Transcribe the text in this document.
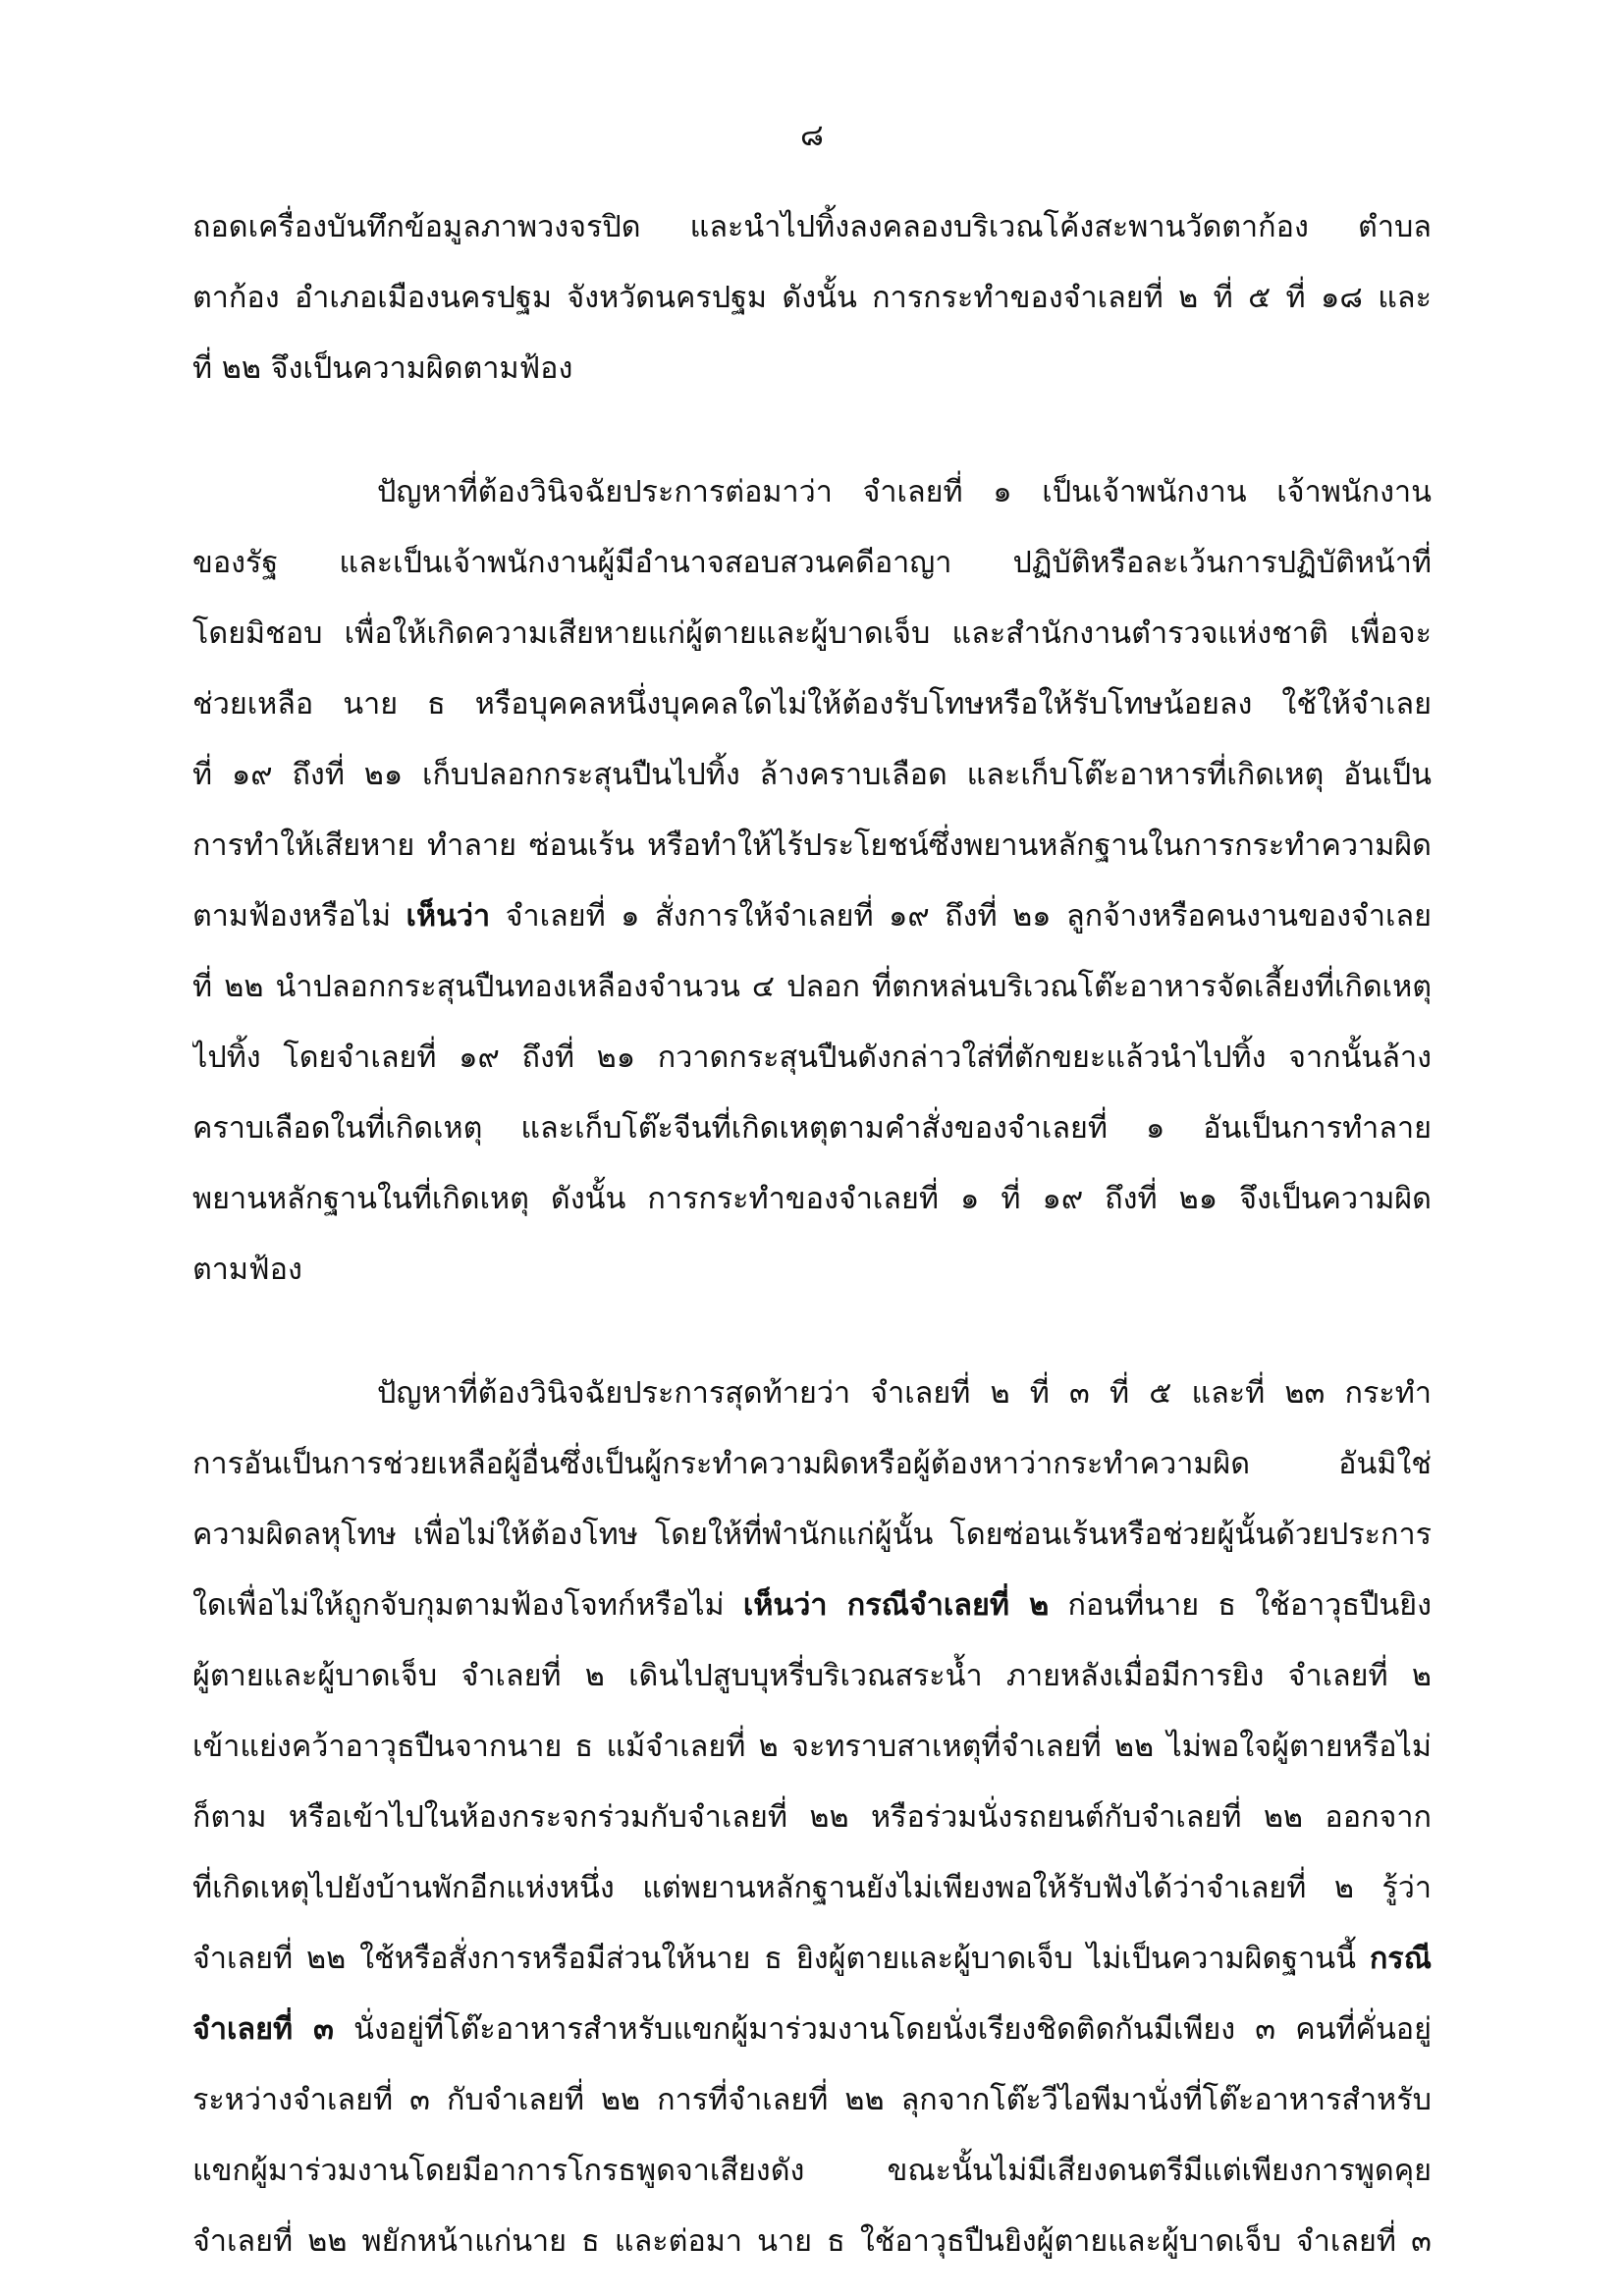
๘
ถอดเครื่องบันทึกข้อมูลภาพวงจรปิด และนำไปทิ้งลงคลองบริเวณโค้งสะพานวัดตาก้อง ตำบล
ตาก้อง อำเภอเมืองนครปฐม จังหวัดนครปฐม ดังนั้น การกระทำของจำเลยที่ ๒ ที่ ๕ ที่ ๑๘ และ
ที่ ๒๒ จึงเป็นความผิดตามฟ้อง
ปัญหาที่ต้องวินิจฉัยประการต่อมาว่า จำเลยที่ ๑ เป็นเจ้าพนักงาน เจ้าพนักงาน
ของรัฐ และเป็นเจ้าพนักงานผู้มีอำนาจสอบสวนคดีอาญา ปฏิบัติหรือละเว้นการปฏิบัติหน้าที่
โดยมิชอบ เพื่อให้เกิดความเสียหายแก่ผู้ตายและผู้บาดเจ็บ และสำนักงานตำรวจแห่งชาติ เพื่อจะ
ช่วยเหลือ นาย ธ หรือบุคคลหนึ่งบุคคลใดไม่ให้ต้องรับโทษหรือให้รับโทษน้อยลง ใช้ให้จำเลย
ที่ ๑๙ ถึงที่ ๒๑ เก็บปลอกกระสุนปืนไปทิ้ง ล้างคราบเลือด และเก็บโต๊ะอาหารที่เกิดเหตุ อันเป็น
การทำให้เสียหาย ทำลาย ซ่อนเร้น หรือทำให้ไร้ประโยชน์ซึ่งพยานหลักฐานในการกระทำความผิด
ตามฟ้องหรือไม่ เห็นว่า จำเลยที่ ๑ สั่งการให้จำเลยที่ ๑๙ ถึงที่ ๒๑ ลูกจ้างหรือคนงานของจำเลย
ที่ ๒๒ นำปลอกกระสุนปืนทองเหลืองจำนวน ๔ ปลอก ที่ตกหล่นบริเวณโต๊ะอาหารจัดเลี้ยงที่เกิดเหตุ
ไปทิ้ง โดยจำเลยที่ ๑๙ ถึงที่ ๒๑ กวาดกระสุนปืนดังกล่าวใส่ที่ตักขยะแล้วนำไปทิ้ง จากนั้นล้าง
คราบเลือดในที่เกิดเหตุ และเก็บโต๊ะจีนที่เกิดเหตุตามคำสั่งของจำเลยที่ ๑ อันเป็นการทำลาย
พยานหลักฐานในที่เกิดเหตุ ดังนั้น การกระทำของจำเลยที่ ๑ ที่ ๑๙ ถึงที่ ๒๑ จึงเป็นความผิด
ตามฟ้อง
ปัญหาที่ต้องวินิจฉัยประการสุดท้ายว่า จำเลยที่ ๒ ที่ ๓ ที่ ๕ และที่ ๒๓ กระทำ
การอันเป็นการช่วยเหลือผู้อื่นซึ่งเป็นผู้กระทำความผิดหรือผู้ต้องหาว่ากระทำความผิด อันมิใช่
ความผิดลหุโทษ เพื่อไม่ให้ต้องโทษ โดยให้ที่พำนักแก่ผู้นั้น โดยซ่อนเร้นหรือช่วยผู้นั้นด้วยประการ
ใดเพื่อไม่ให้ถูกจับกุมตามฟ้องโจทก์หรือไม่ เห็นว่า กรณีจำเลยที่ ๒ ก่อนที่นาย ธ ใช้อาวุธปืนยิง
ผู้ตายและผู้บาดเจ็บ จำเลยที่ ๒ เดินไปสูบบุหรี่บริเวณสระน้ำ ภายหลังเมื่อมีการยิง จำเลยที่ ๒
เข้าแย่งคว้าอาวุธปืนจากนาย ธ แม้จำเลยที่ ๒ จะทราบสาเหตุที่จำเลยที่ ๒๒ ไม่พอใจผู้ตายหรือไม่
ก็ตาม หรือเข้าไปในห้องกระจกร่วมกับจำเลยที่ ๒๒ หรือร่วมนั่งรถยนต์กับจำเลยที่ ๒๒ ออกจาก
ที่เกิดเหตุไปยังบ้านพักอีกแห่งหนึ่ง แต่พยานหลักฐานยังไม่เพียงพอให้รับฟังได้ว่าจำเลยที่ ๒ รู้ว่า
จำเลยที่ ๒๒ ใช้หรือสั่งการหรือมีส่วนให้นาย ธ ยิงผู้ตายและผู้บาดเจ็บ ไม่เป็นความผิดฐานนี้ กรณี
จำเลยที่ ๓ นั่งอยู่ที่โต๊ะอาหารสำหรับแขกผู้มาร่วมงานโดยนั่งเรียงชิดติดกันมีเพียง ๓ คนที่คั่นอยู่
ระหว่างจำเลยที่ ๓ กับจำเลยที่ ๒๒ การที่จำเลยที่ ๒๒ ลุกจากโต๊ะวีไอพีมานั่งที่โต๊ะอาหารสำหรับ
แขกผู้มาร่วมงานโดยมีอาการโกรธพูดจาเสียงดัง ขณะนั้นไม่มีเสียงดนตรีมีแต่เพียงการพูดคุย
จำเลยที่ ๒๒ พยักหน้าแก่นาย ธ และต่อมา นาย ธ ใช้อาวุธปืนยิงผู้ตายและผู้บาดเจ็บ จำเลยที่ ๓
